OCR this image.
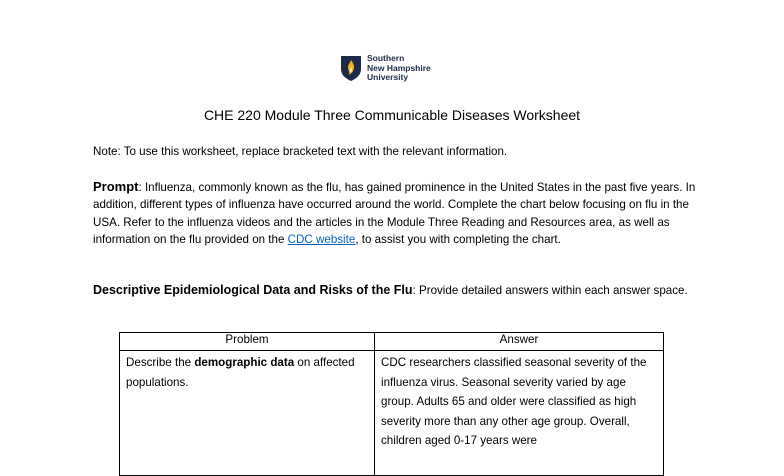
Southern
New Hampshire
University
CHE 220 Module Three Communicable Diseases Worksheet
Note: To use this worksheet, replace bracketed text with the relevant information.
Prompt: Influenza, commonly known as the flu, has gained prominence in the United States in the past five years. In addition, different types of influenza have occurred around the world. Complete the chart below focusing on flu in the USA. Refer to the influenza videos and the articles in the Module Three Reading and Resources area, as well as information on the flu provided on the CDC website, to assist you with completing the chart.
Descriptive Epidemiological Data and Risks of the Flu: Provide detailed answers within each answer space.
Problem	Answer
Describe the demographic data on affected populations.	CDC researchers classified seasonal severity of the influenza virus. Seasonal severity varied by age group. Adults 65 and older were classified as high severity more than any other age group. Overall, children aged 0-17 years were
